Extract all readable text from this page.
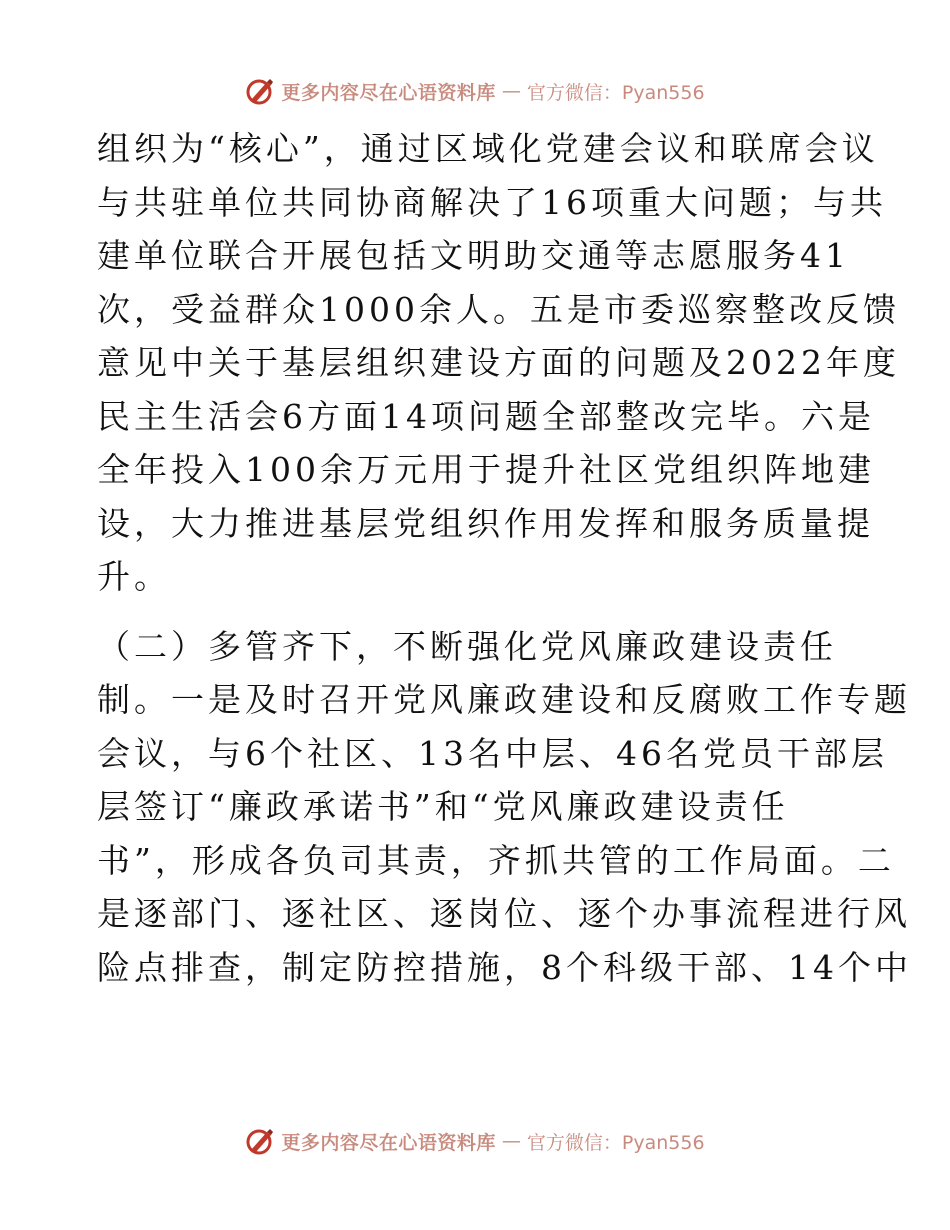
更多内容尽在心语资料库 — 官方微信：Pyan556
组织为“核心”，通过区域化党建会议和联席会议
与共驻单位共同协商解决了16项重大问题；与共
建单位联合开展包括文明助交通等志愿服务41
次，受益群众1000余人。五是市委巡察整改反馈
意见中关于基层组织建设方面的问题及2022年度
民主生活会6方面14项问题全部整改完毕。六是
全年投入100余万元用于提升社区党组织阵地建
设，大力推进基层党组织作用发挥和服务质量提
升。
（二）多管齐下，不断强化党风廉政建设责任
制。一是及时召开党风廉政建设和反腐败工作专题
会议，与6个社区、13名中层、46名党员干部层
层签订“廉政承诺书”和“党风廉政建设责任
书”，形成各负司其责，齐抓共管的工作局面。二
是逐部门、逐社区、逐岗位、逐个办事流程进行风
险点排查，制定防控措施，8个科级干部、14个中
更多内容尽在心语资料库 — 官方微信：Pyan556
